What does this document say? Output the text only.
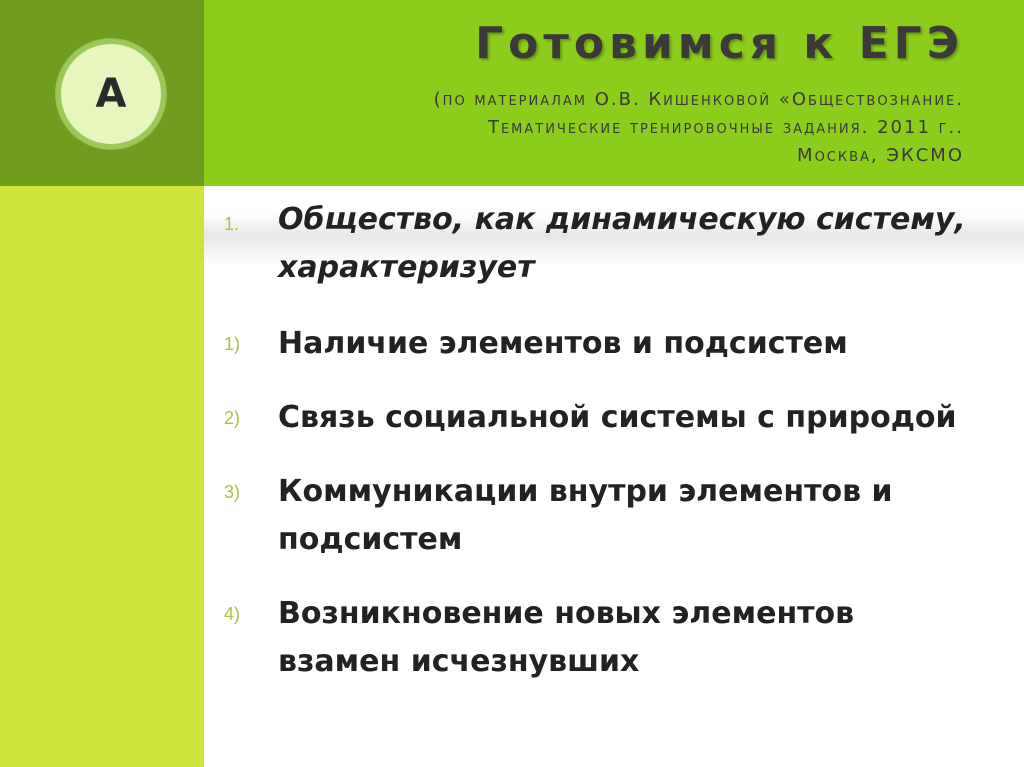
А
Готовимся к ЕГЭ
(по материалам О.В. Кишенковой «Обществознание.
Тематические тренировочные задания. 2011 г..
Москва, ЭКСМО
1. Общество, как динамическую систему, характеризует
1) Наличие элементов и подсистем
2) Связь социальной системы с природой
3) Коммуникации внутри элементов и подсистем
4) Возникновение новых элементов взамен исчезнувших
